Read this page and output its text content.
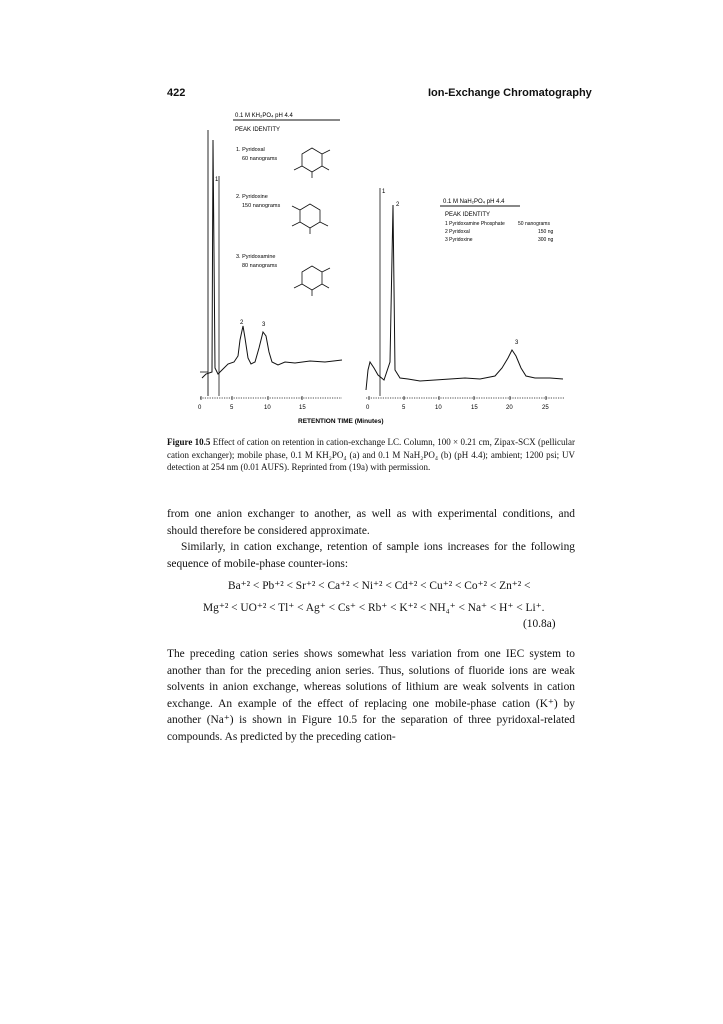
422	Ion-Exchange Chromatography
0.1 M KH₂PO₄ pH 4.4
PEAK IDENTITY
1. Pyridoxal
60 nanograms
2. Pyridoxine
150 nanograms
3. Pyridoxamine
80 nanograms
1
2	3
0	5	10	15
0.1 M NaH₂PO₄ pH 4.4
PEAK IDENTITY
1 Pyridoxamine Phosphate	50 nanograms
2 Pyridoxal	150 ng
3 Pyridoxine	300 ng
1
2
3
0	5	10	15	20	25
RETENTION TIME (Minutes)
Figure 10.5 Effect of cation on retention in cation-exchange LC. Column, 100 × 0.21 cm, Zipax-SCX (pellicular cation exchanger); mobile phase, 0.1 M KH₂PO₄ (a) and 0.1 M NaH₂PO₄ (b) (pH 4.4); ambient; 1200 psi; UV detection at 254 nm (0.01 AUFS). Reprinted from (19a) with permission.

from one anion exchanger to another, as well as with experimental conditions, and should therefore be considered approximate.

Similarly, in cation exchange, retention of sample ions increases for the following sequence of mobile-phase counter-ions:

Ba⁺² < Pb⁺² < Sr⁺² < Ca⁺² < Ni⁺² < Cd⁺² < Cu⁺² < Co⁺² < Zn⁺² <
Mg⁺² < UO⁺² < Tl⁺ < Ag⁺ < Cs⁺ < Rb⁺ < K⁺² < NH₄⁺ < Na⁺ < H⁺ < Li⁺.
(10.8a)

The preceding cation series shows somewhat less variation from one IEC system to another than for the preceding anion series. Thus, solutions of fluoride ions are weak solvents in anion exchange, whereas solutions of lithium are weak solvents in cation exchange. An example of the effect of replacing one mobile-phase cation (K⁺) by another (Na⁺) is shown in Figure 10.5 for the separation of three pyridoxal-related compounds. As predicted by the preceding cation-
